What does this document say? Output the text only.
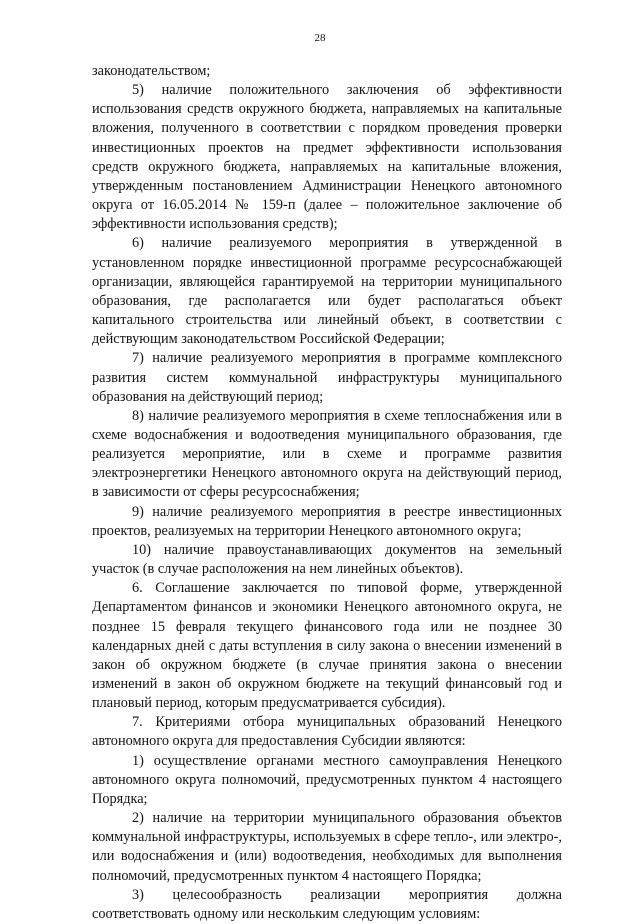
28

законодательством;

5) наличие положительного заключения об эффективности использования средств окружного бюджета, направляемых на капитальные вложения, полученного в соответствии с порядком проведения проверки инвестиционных проектов на предмет эффективности использования средств окружного бюджета, направляемых на капитальные вложения, утвержденным постановлением Администрации Ненецкого автономного округа от 16.05.2014 № 159-п (далее – положительное заключение об эффективности использования средств);

6) наличие реализуемого мероприятия в утвержденной в установленном порядке инвестиционной программе ресурсоснабжающей организации, являющейся гарантируемой на территории муниципального образования, где располагается или будет располагаться объект капитального строительства или линейный объект, в соответствии с действующим законодательством Российской Федерации;

7) наличие реализуемого мероприятия в программе комплексного развития систем коммунальной инфраструктуры муниципального образования на действующий период;

8) наличие реализуемого мероприятия в схеме теплоснабжения или в схеме водоснабжения и водоотведения муниципального образования, где реализуется мероприятие, или в схеме и программе развития электроэнергетики Ненецкого автономного округа на действующий период, в зависимости от сферы ресурсоснабжения;

9) наличие реализуемого мероприятия в реестре инвестиционных проектов, реализуемых на территории Ненецкого автономного округа;

10) наличие правоустанавливающих документов на земельный участок (в случае расположения на нем линейных объектов).

6. Соглашение заключается по типовой форме, утвержденной Департаментом финансов и экономики Ненецкого автономного округа, не позднее 15 февраля текущего финансового года или не позднее 30 календарных дней с даты вступления в силу закона о внесении изменений в закон об окружном бюджете (в случае принятия закона о внесении изменений в закон об окружном бюджете на текущий финансовый год и плановый период, которым предусматривается субсидия).

7. Критериями отбора муниципальных образований Ненецкого автономного округа для предоставления Субсидии являются:

1) осуществление органами местного самоуправления Ненецкого автономного округа полномочий, предусмотренных пунктом 4 настоящего Порядка;

2) наличие на территории муниципального образования объектов коммунальной инфраструктуры, используемых в сфере тепло-, или электро-, или водоснабжения и (или) водоотведения, необходимых для выполнения полномочий, предусмотренных пунктом 4 настоящего Порядка;

3) целесообразность реализации мероприятия должна соответствовать одному или нескольким следующим условиям:
